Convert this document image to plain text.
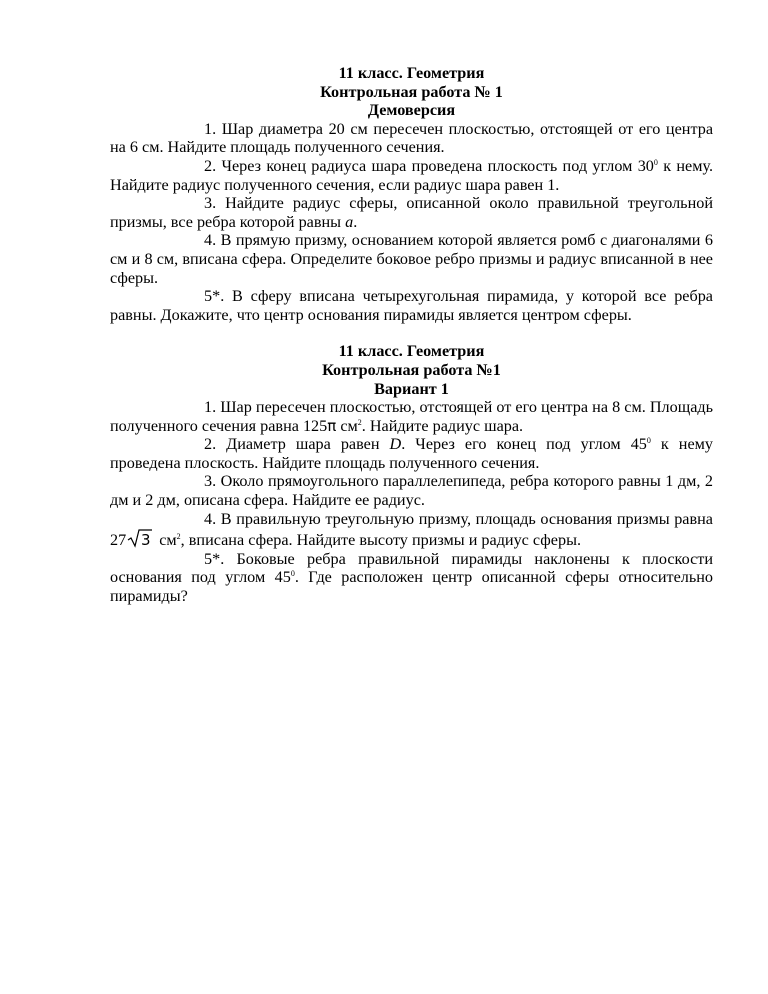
11 класс. Геометрия
Контрольная работа № 1
Демоверсия

1. Шар диаметра 20 см пересечен плоскостью, отстоящей от его центра на 6 см. Найдите площадь полученного сечения.

2. Через конец радиуса шара проведена плоскость под углом $30^0$ к нему. Найдите радиус полученного сечения, если радиус шара равен 1.

3. Найдите радиус сферы, описанной около правильной треугольной призмы, все ребра которой равны a.

4. В прямую призму, основанием которой является ромб с диагоналями 6 см и 8 см, вписана сфера. Определите боковое ребро призмы и радиус вписанной в нее сферы.

5*. В сферу вписана четырехугольная пирамида, у которой все ребра равны. Докажите, что центр основания пирамиды является центром сферы.

11 класс. Геометрия
Контрольная работа №1
Вариант 1

1. Шар пересечен плоскостью, отстоящей от его центра на 8 см. Площадь полученного сечения равна 125π $см^2$. Найдите радиус шара.

2. Диаметр шара равен D. Через его конец под углом $45^0$ к нему проведена плоскость. Найдите площадь полученного сечения.

3. Около прямоугольного параллелепипеда, ребра которого равны 1 дм, 2 дм и 2 дм, описана сфера. Найдите ее радиус.

4. В правильную треугольную призму, площадь основания призмы равна 27 3 $см^2$, вписана сфера. Найдите высоту призмы и радиус сферы.

5*. Боковые ребра правильной пирамиды наклонены к плоскости основания под углом $45^0$. Где расположен центр описанной сферы относительно пирамиды?
